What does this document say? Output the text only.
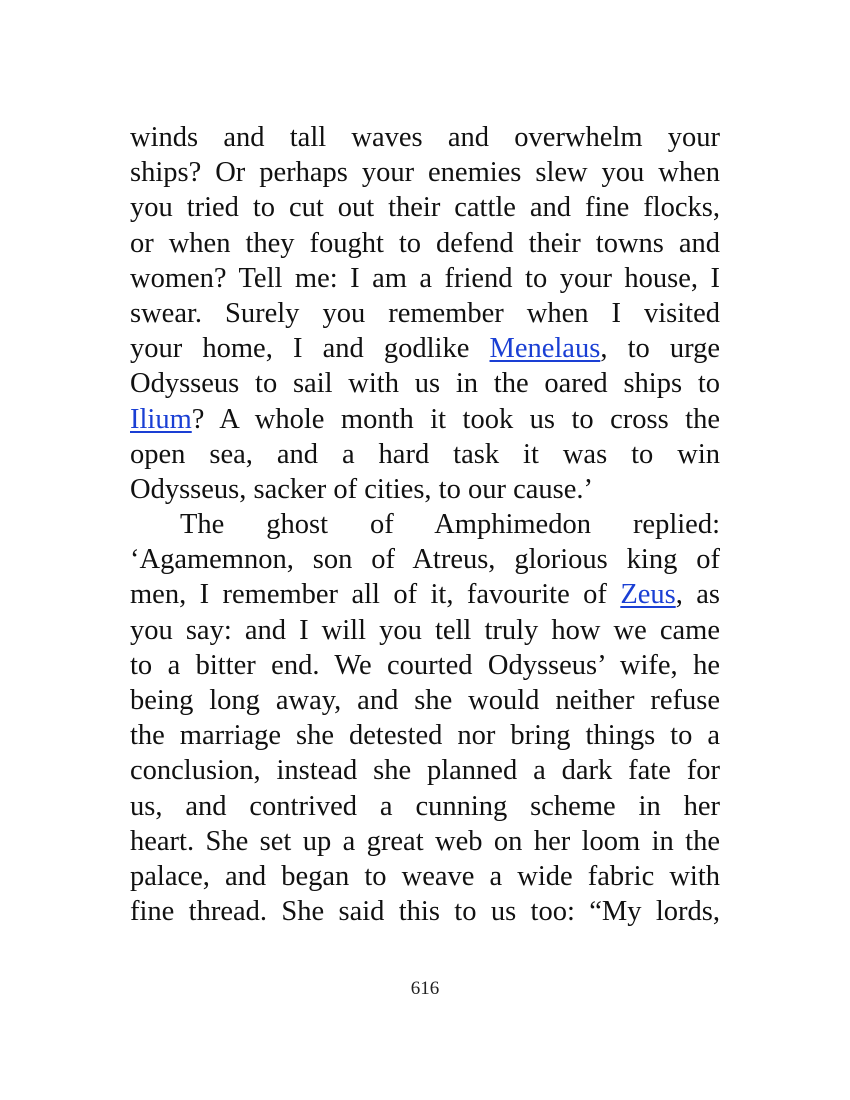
winds and tall waves and overwhelm your
ships? Or perhaps your enemies slew you when
you tried to cut out their cattle and fine flocks,
or when they fought to defend their towns and
women? Tell me: I am a friend to your house, I
swear. Surely you remember when I visited
your home, I and godlike Menelaus, to urge
Odysseus to sail with us in the oared ships to
Ilium? A whole month it took us to cross the
open sea, and a hard task it was to win
Odysseus, sacker of cities, to our cause.’
The ghost of Amphimedon replied:
‘Agamemnon, son of Atreus, glorious king of
men, I remember all of it, favourite of Zeus, as
you say: and I will you tell truly how we came
to a bitter end. We courted Odysseus’ wife, he
being long away, and she would neither refuse
the marriage she detested nor bring things to a
conclusion, instead she planned a dark fate for
us, and contrived a cunning scheme in her
heart. She set up a great web on her loom in the
palace, and began to weave a wide fabric with
fine thread. She said this to us too: “My lords,
616
